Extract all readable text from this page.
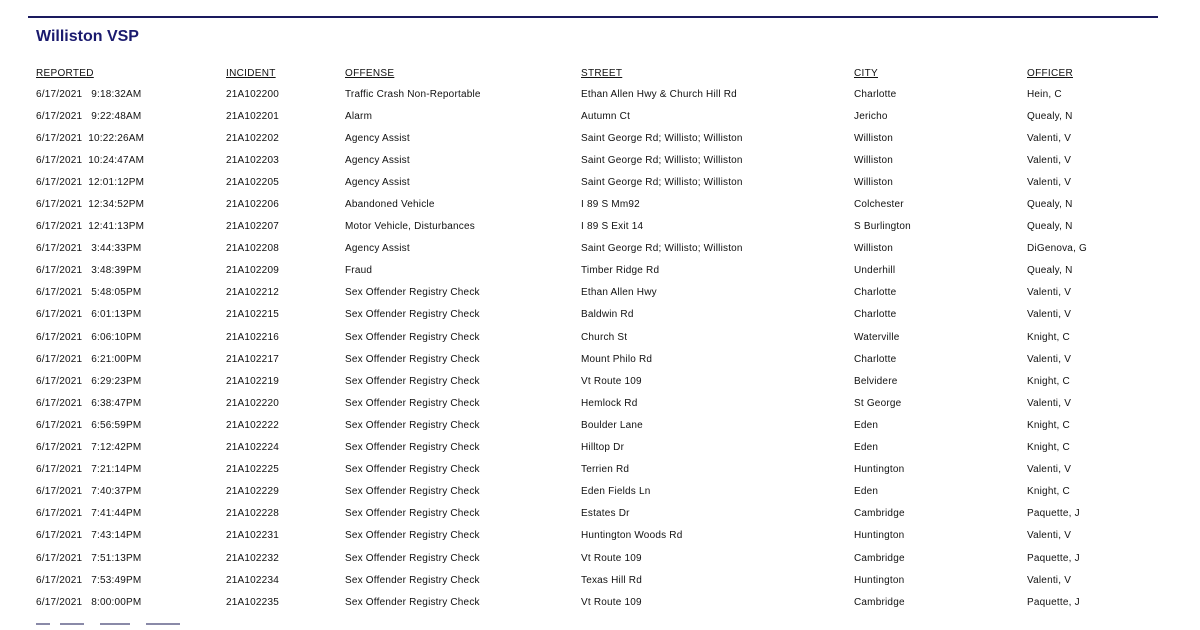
Williston VSP
REPORTED	INCIDENT	OFFENSE	STREET	CITY	OFFICER
6/17/2021   9:18:32AM	21A102200	Traffic Crash Non-Reportable	Ethan Allen Hwy & Church Hill Rd	Charlotte	Hein, C
6/17/2021   9:22:48AM	21A102201	Alarm	Autumn Ct	Jericho	Quealy, N
6/17/2021  10:22:26AM	21A102202	Agency Assist	Saint George Rd; Willisto; Williston	Williston	Valenti, V
6/17/2021  10:24:47AM	21A102203	Agency Assist	Saint George Rd; Willisto; Williston	Williston	Valenti, V
6/17/2021  12:01:12PM	21A102205	Agency Assist	Saint George Rd; Willisto; Williston	Williston	Valenti, V
6/17/2021  12:34:52PM	21A102206	Abandoned Vehicle	I 89 S Mm92	Colchester	Quealy, N
6/17/2021  12:41:13PM	21A102207	Motor Vehicle, Disturbances	I 89 S Exit 14	S Burlington	Quealy, N
6/17/2021   3:44:33PM	21A102208	Agency Assist	Saint George Rd; Willisto; Williston	Williston	DiGenova, G
6/17/2021   3:48:39PM	21A102209	Fraud	Timber Ridge Rd	Underhill	Quealy, N
6/17/2021   5:48:05PM	21A102212	Sex Offender Registry Check	Ethan Allen Hwy	Charlotte	Valenti, V
6/17/2021   6:01:13PM	21A102215	Sex Offender Registry Check	Baldwin Rd	Charlotte	Valenti, V
6/17/2021   6:06:10PM	21A102216	Sex Offender Registry Check	Church St	Waterville	Knight, C
6/17/2021   6:21:00PM	21A102217	Sex Offender Registry Check	Mount Philo Rd	Charlotte	Valenti, V
6/17/2021   6:29:23PM	21A102219	Sex Offender Registry Check	Vt Route 109	Belvidere	Knight, C
6/17/2021   6:38:47PM	21A102220	Sex Offender Registry Check	Hemlock Rd	St George	Valenti, V
6/17/2021   6:56:59PM	21A102222	Sex Offender Registry Check	Boulder Lane	Eden	Knight, C
6/17/2021   7:12:42PM	21A102224	Sex Offender Registry Check	Hilltop Dr	Eden	Knight, C
6/17/2021   7:21:14PM	21A102225	Sex Offender Registry Check	Terrien Rd	Huntington	Valenti, V
6/17/2021   7:40:37PM	21A102229	Sex Offender Registry Check	Eden Fields Ln	Eden	Knight, C
6/17/2021   7:41:44PM	21A102228	Sex Offender Registry Check	Estates Dr	Cambridge	Paquette, J
6/17/2021   7:43:14PM	21A102231	Sex Offender Registry Check	Huntington Woods Rd	Huntington	Valenti, V
6/17/2021   7:51:13PM	21A102232	Sex Offender Registry Check	Vt Route 109	Cambridge	Paquette, J
6/17/2021   7:53:49PM	21A102234	Sex Offender Registry Check	Texas Hill Rd	Huntington	Valenti, V
6/17/2021   8:00:00PM	21A102235	Sex Offender Registry Check	Vt Route 109	Cambridge	Paquette, J
